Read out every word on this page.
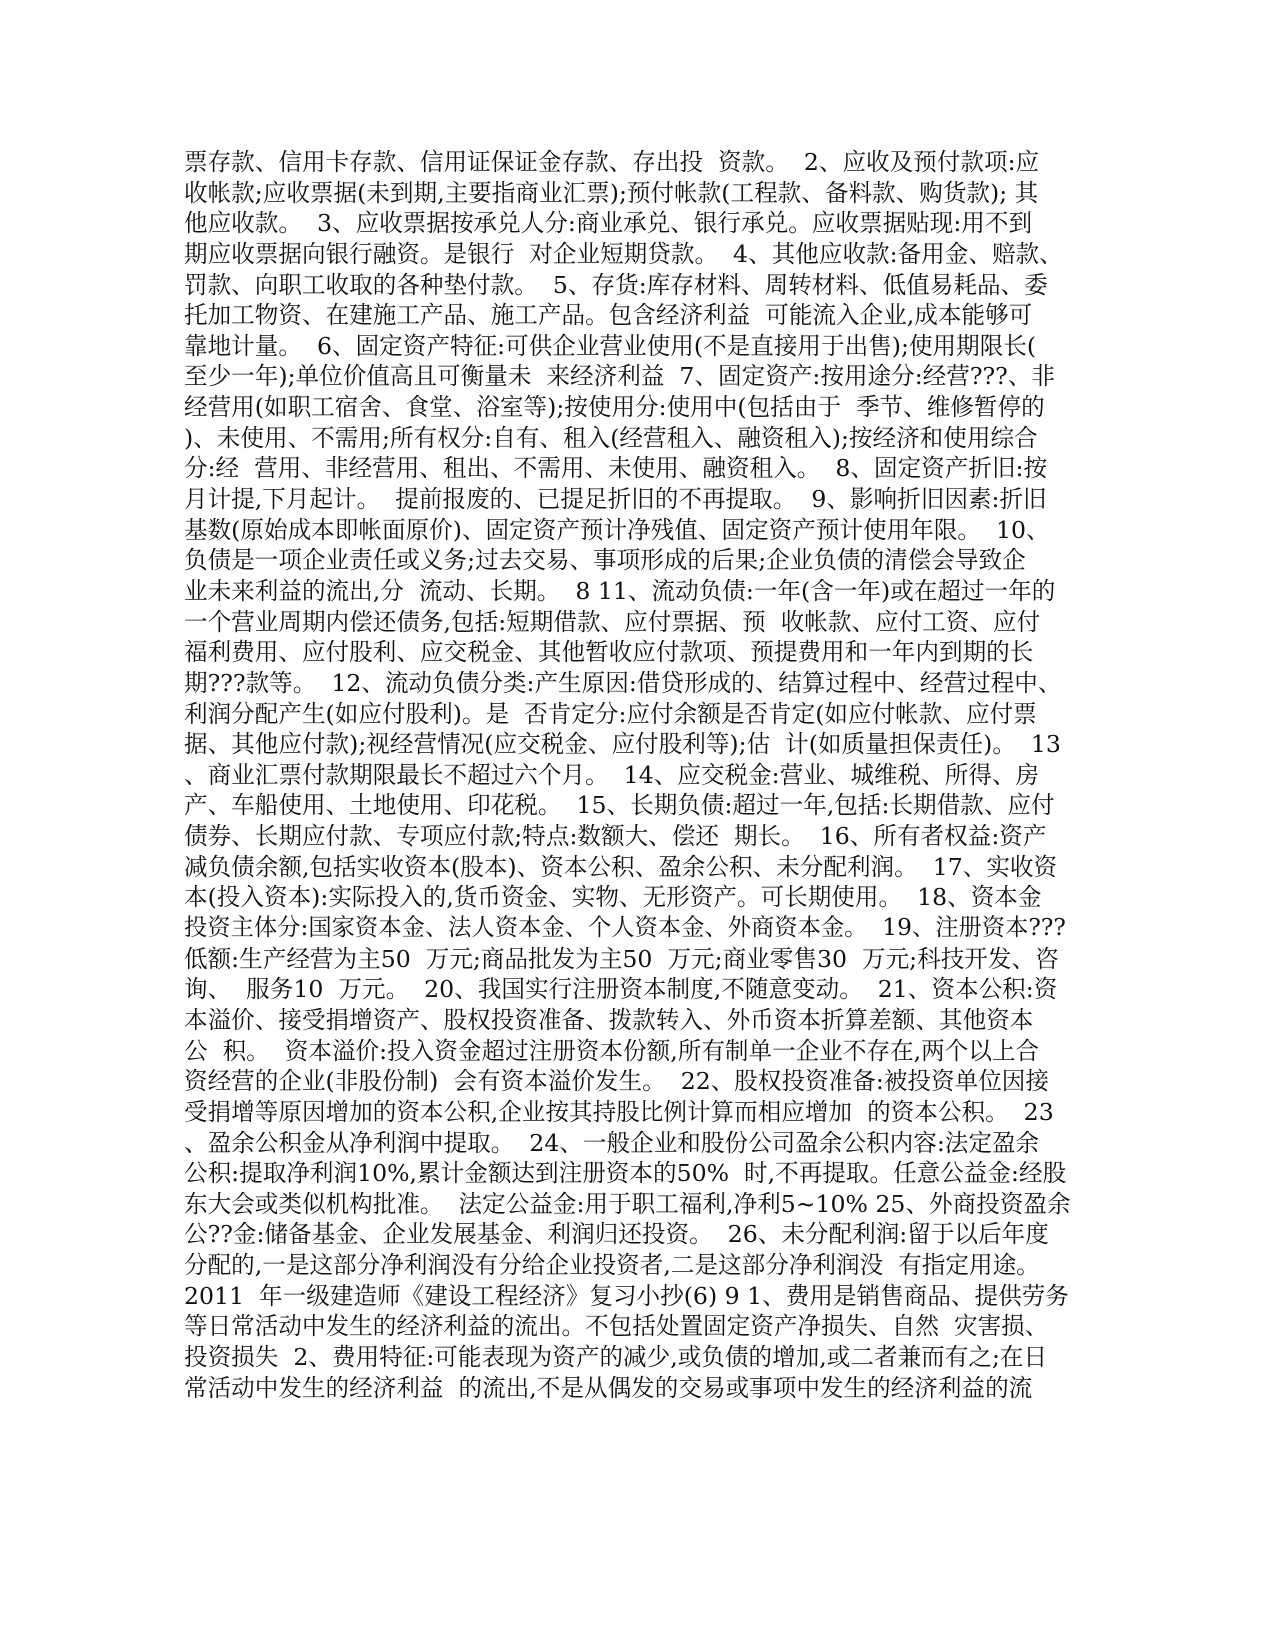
票存款、信用卡存款、信用证保证金存款、存出投  资款。  2、应收及预付款项:应
收帐款;应收票据(未到期,主要指商业汇票);预付帐款(工程款、备料款、购货款); 其
他应收款。  3、应收票据按承兑人分:商业承兑、银行承兑。应收票据贴现:用不到
期应收票据向银行融资。是银行  对企业短期贷款。  4、其他应收款:备用金、赔款、
罚款、向职工收取的各种垫付款。  5、存货:库存材料、周转材料、低值易耗品、委
托加工物资、在建施工产品、施工产品。包含经济利益  可能流入企业,成本能够可
靠地计量。  6、固定资产特征:可供企业营业使用(不是直接用于出售);使用期限长(
至少一年);单位价值高且可衡量未  来经济利益  7、固定资产:按用途分:经营???、非
经营用(如职工宿舍、食堂、浴室等);按使用分:使用中(包括由于  季节、维修暂停的
)、未使用、不需用;所有权分:自有、租入(经营租入、融资租入);按经济和使用综合
分:经  营用、非经营用、租出、不需用、未使用、融资租入。  8、固定资产折旧:按
月计提,下月起计。  提前报废的、已提足折旧的不再提取。  9、影响折旧因素:折旧
基数(原始成本即帐面原价)、固定资产预计净残值、固定资产预计使用年限。  10、
负债是一项企业责任或义务;过去交易、事项形成的后果;企业负债的清偿会导致企
业未来利益的流出,分  流动、长期。  8 11、流动负债:一年(含一年)或在超过一年的
一个营业周期内偿还债务,包括:短期借款、应付票据、预  收帐款、应付工资、应付
福利费用、应付股利、应交税金、其他暂收应付款项、预提费用和一年内到期的长
期???款等。  12、流动负债分类:产生原因:借贷形成的、结算过程中、经营过程中、
利润分配产生(如应付股利)。是  否肯定分:应付余额是否肯定(如应付帐款、应付票
据、其他应付款);视经营情况(应交税金、应付股利等);估  计(如质量担保责任)。  13
、商业汇票付款期限最长不超过六个月。  14、应交税金:营业、城维税、所得、房
产、车船使用、土地使用、印花税。  15、长期负债:超过一年,包括:长期借款、应付
债券、长期应付款、专项应付款;特点:数额大、偿还  期长。  16、所有者权益:资产
减负债余额,包括实收资本(股本)、资本公积、盈余公积、未分配利润。  17、实收资
本(投入资本):实际投入的,货币资金、实物、无形资产。可长期使用。  18、资本金
投资主体分:国家资本金、法人资本金、个人资本金、外商资本金。  19、注册资本???
低额:生产经营为主50  万元;商品批发为主50  万元;商业零售30  万元;科技开发、咨
询、  服务10  万元。  20、我国实行注册资本制度,不随意变动。  21、资本公积:资
本溢价、接受捐增资产、股权投资准备、拨款转入、外币资本折算差额、其他资本
公  积。  资本溢价:投入资金超过注册资本份额,所有制单一企业不存在,两个以上合
资经营的企业(非股份制)  会有资本溢价发生。  22、股权投资准备:被投资单位因接
受捐增等原因增加的资本公积,企业按其持股比例计算而相应增加  的资本公积。  23
、盈余公积金从净利润中提取。  24、一般企业和股份公司盈余公积内容:法定盈余
公积:提取净利润10%,累计金额达到注册资本的50%  时,不再提取。任意公益金:经股
东大会或类似机构批准。  法定公益金:用于职工福利,净利5~10% 25、外商投资盈余
公??金:储备基金、企业发展基金、利润归还投资。  26、未分配利润:留于以后年度
分配的,一是这部分净利润没有分给企业投资者,二是这部分净利润没  有指定用途。
2011  年一级建造师《建设工程经济》复习小抄(6) 9 1、费用是销售商品、提供劳务
等日常活动中发生的经济利益的流出。不包括处置固定资产净损失、自然  灾害损、
投资损失  2、费用特征:可能表现为资产的减少,或负债的增加,或二者兼而有之;在日
常活动中发生的经济利益  的流出,不是从偶发的交易或事项中发生的经济利益的流
